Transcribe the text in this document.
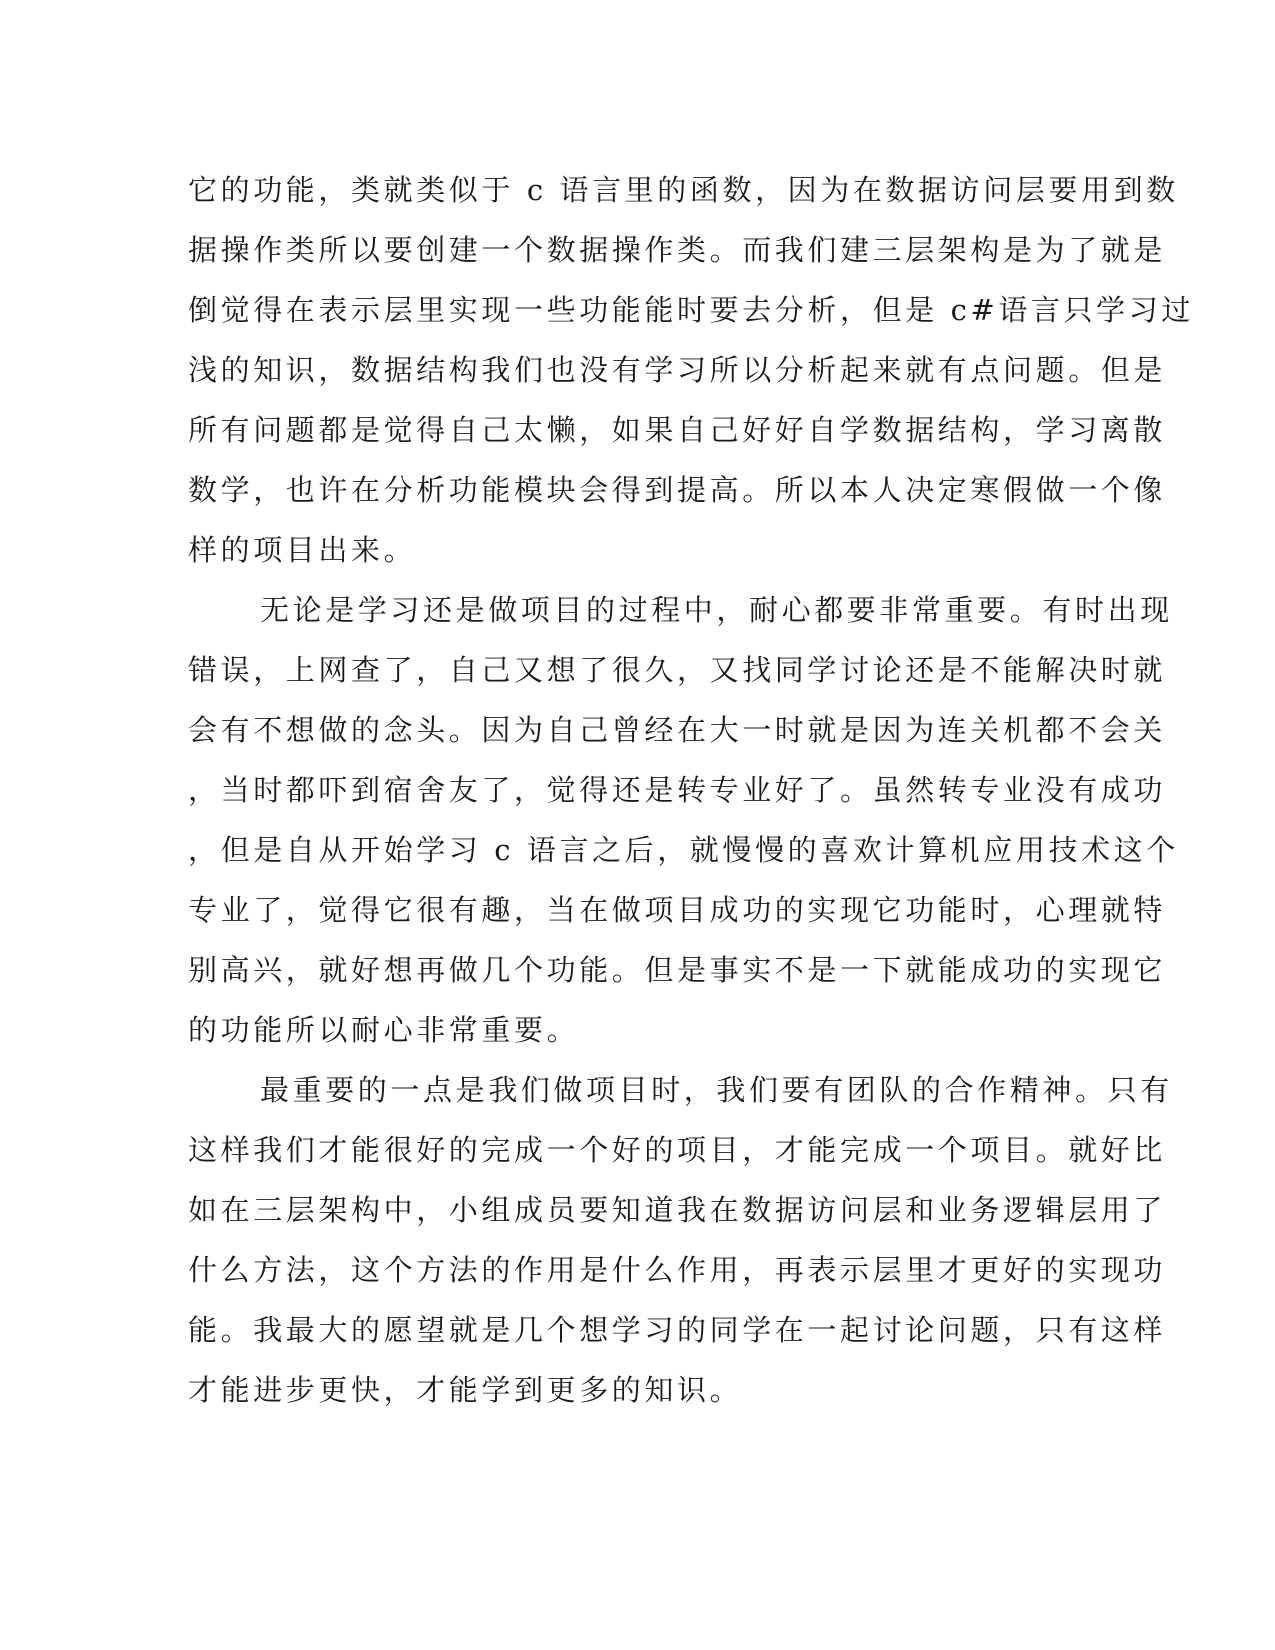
它的功能，类就类似于 c 语言里的函数，因为在数据访问层要用到数
据操作类所以要创建一个数据操作类。而我们建三层架构是为了就是
倒觉得在表示层里实现一些功能能时要去分析，但是 c#语言只学习过
浅的知识，数据结构我们也没有学习所以分析起来就有点问题。但是
所有问题都是觉得自己太懒，如果自己好好自学数据结构，学习离散
数学，也许在分析功能模块会得到提高。所以本人决定寒假做一个像
样的项目出来。
无论是学习还是做项目的过程中，耐心都要非常重要。有时出现
错误，上网查了，自己又想了很久，又找同学讨论还是不能解决时就
会有不想做的念头。因为自己曾经在大一时就是因为连关机都不会关
，当时都吓到宿舍友了，觉得还是转专业好了。虽然转专业没有成功
，但是自从开始学习 c 语言之后，就慢慢的喜欢计算机应用技术这个
专业了，觉得它很有趣，当在做项目成功的实现它功能时，心理就特
别高兴，就好想再做几个功能。但是事实不是一下就能成功的实现它
的功能所以耐心非常重要。
最重要的一点是我们做项目时，我们要有团队的合作精神。只有
这样我们才能很好的完成一个好的项目，才能完成一个项目。就好比
如在三层架构中，小组成员要知道我在数据访问层和业务逻辑层用了
什么方法，这个方法的作用是什么作用，再表示层里才更好的实现功
能。我最大的愿望就是几个想学习的同学在一起讨论问题，只有这样
才能进步更快，才能学到更多的知识。
